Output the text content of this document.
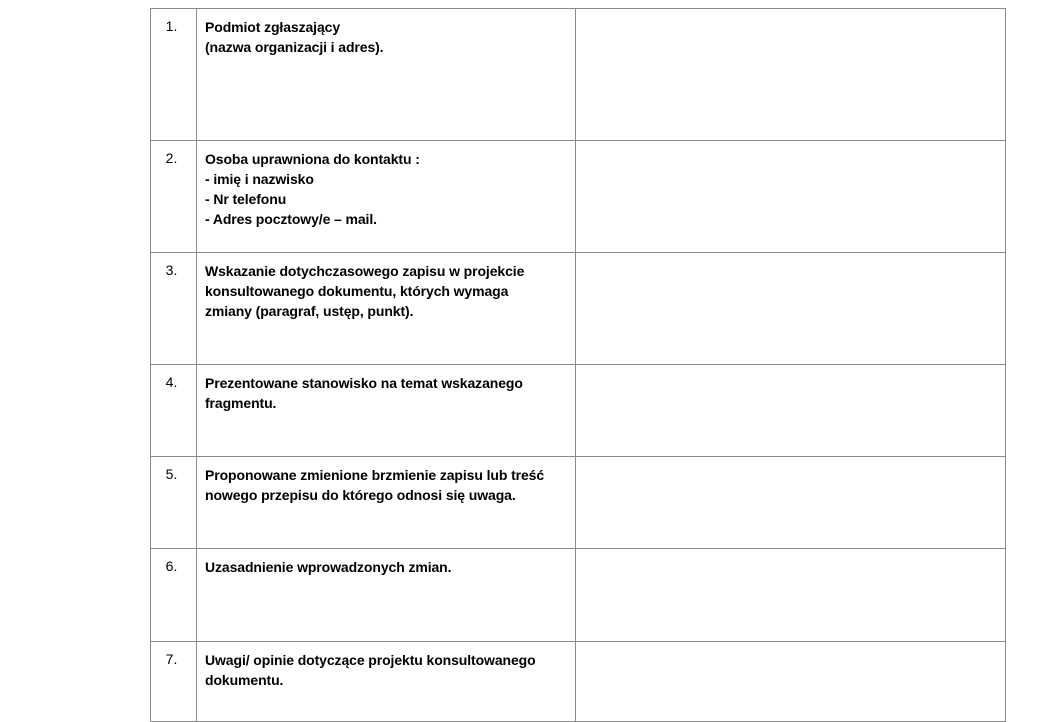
1.	Podmiot zgłaszający
(nazwa organizacji i adres).	

2.	Osoba uprawniona do kontaktu :
- imię i nazwisko
- Nr telefonu
- Adres pocztowy/e – mail.	

3.	Wskazanie dotychczasowego zapisu w projekcie
konsultowanego dokumentu, których wymaga
zmiany (paragraf, ustęp, punkt).	

4.	Prezentowane stanowisko na temat wskazanego
fragmentu.	

5.	Proponowane zmienione brzmienie zapisu lub treść
nowego przepisu do którego odnosi się uwaga.	

6.	Uzasadnienie wprowadzonych zmian.	

7.	Uwagi/ opinie dotyczące projektu konsultowanego
dokumentu.	
